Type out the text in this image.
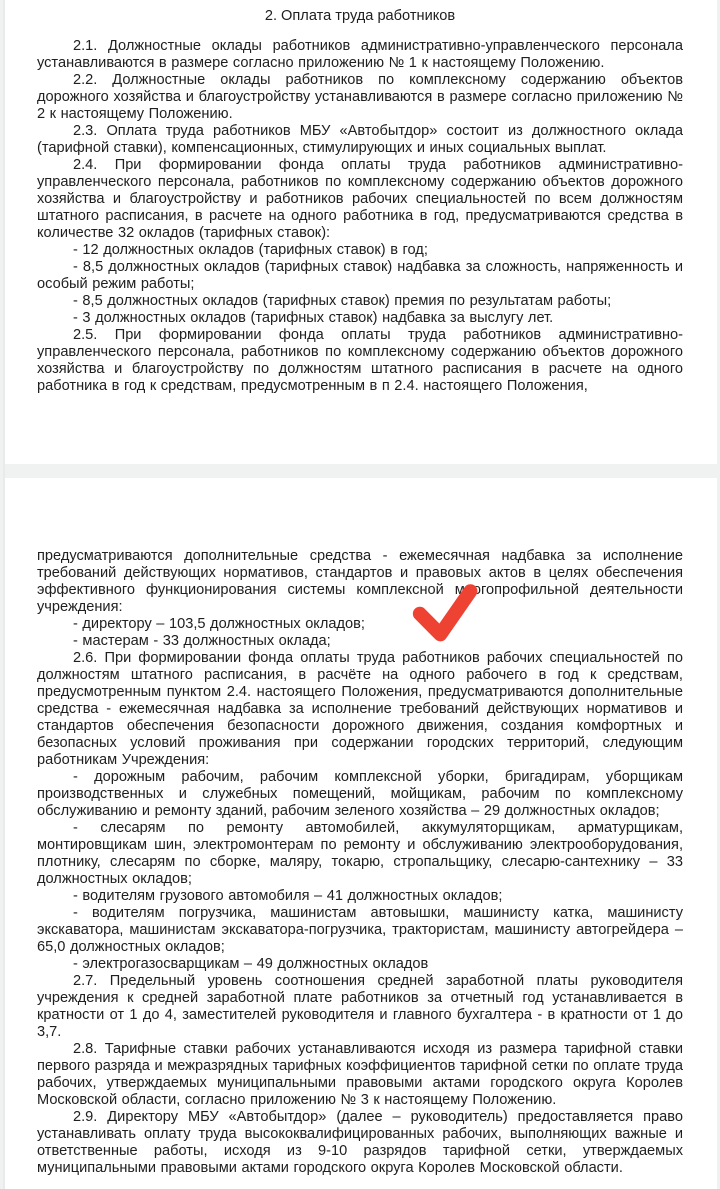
2. Оплата труда работников

2.1. Должностные оклады работников административно-управленческого персонала устанавливаются в размере согласно приложению № 1 к настоящему Положению.

2.2. Должностные оклады работников по комплексному содержанию объектов дорожного хозяйства и благоустройству устанавливаются в размере согласно приложению № 2 к настоящему Положению.

2.3. Оплата труда работников МБУ «Автобытдор» состоит из должностного оклада (тарифной ставки), компенсационных, стимулирующих и иных социальных выплат.

2.4. При формировании фонда оплаты труда работников административно-управленческого персонала, работников по комплексному содержанию объектов дорожного хозяйства и благоустройству и работников рабочих специальностей по всем должностям штатного расписания, в расчете на одного работника в год, предусматриваются средства в количестве 32 окладов (тарифных ставок):

- 12 должностных окладов (тарифных ставок) в год;

- 8,5 должностных окладов (тарифных ставок) надбавка за сложность, напряженность и особый режим работы;

- 8,5 должностных окладов (тарифных ставок) премия по результатам работы;

- 3 должностных окладов (тарифных ставок) надбавка за выслугу лет.

2.5. При формировании фонда оплаты труда работников административно-управленческого персонала, работников по комплексному содержанию объектов дорожного хозяйства и благоустройству по должностям штатного расписания в расчете на одного работника в год к средствам, предусмотренным в п 2.4. настоящего Положения,

предусматриваются дополнительные средства - ежемесячная надбавка за исполнение требований действующих нормативов, стандартов и правовых актов в целях обеспечения эффективного функционирования системы комплексной многопрофильной деятельности учреждения:

- директору – 103,5 должностных окладов;

- мастерам - 33 должностных оклада;

2.6. При формировании фонда оплаты труда работников рабочих специальностей по должностям штатного расписания, в расчёте на одного рабочего в год к средствам, предусмотренным пунктом 2.4. настоящего Положения, предусматриваются дополнительные средства - ежемесячная надбавка за исполнение требований действующих нормативов и стандартов обеспечения безопасности дорожного движения, создания комфортных и безопасных условий проживания при содержании городских территорий, следующим работникам Учреждения:

- дорожным рабочим, рабочим комплексной уборки, бригадирам, уборщикам производственных и служебных помещений, мойщикам, рабочим по комплексному обслуживанию и ремонту зданий, рабочим зеленого хозяйства – 29 должностных окладов;

- слесарям по ремонту автомобилей, аккумуляторщикам, арматурщикам, монтировщикам шин, электромонтерам по ремонту и обслуживанию электрооборудования, плотнику, слесарям по сборке, маляру, токарю, стропальщику, слесарю-сантехнику – 33 должностных окладов;

- водителям грузового автомобиля – 41 должностных окладов;

- водителям погрузчика, машинистам автовышки, машинисту катка, машинисту экскаватора, машинистам экскаватора-погрузчика, трактористам, машинисту автогрейдера – 65,0 должностных окладов;

- электрогазосварщикам – 49 должностных окладов

2.7. Предельный уровень соотношения средней заработной платы руководителя учреждения к средней заработной плате работников за отчетный год устанавливается в кратности от 1 до 4, заместителей руководителя и главного бухгалтера - в кратности от 1 до 3,7.

2.8. Тарифные ставки рабочих устанавливаются исходя из размера тарифной ставки первого разряда и межразрядных тарифных коэффициентов тарифной сетки по оплате труда рабочих, утверждаемых муниципальными правовыми актами городского округа Королев Московской области, согласно приложению № 3 к настоящему Положению.

2.9. Директору МБУ «Автобытдор» (далее – руководитель) предоставляется право устанавливать оплату труда высококвалифицированных рабочих, выполняющих важные и ответственные работы, исходя из 9-10 разрядов тарифной сетки, утверждаемых муниципальными правовыми актами городского округа Королев Московской области.
